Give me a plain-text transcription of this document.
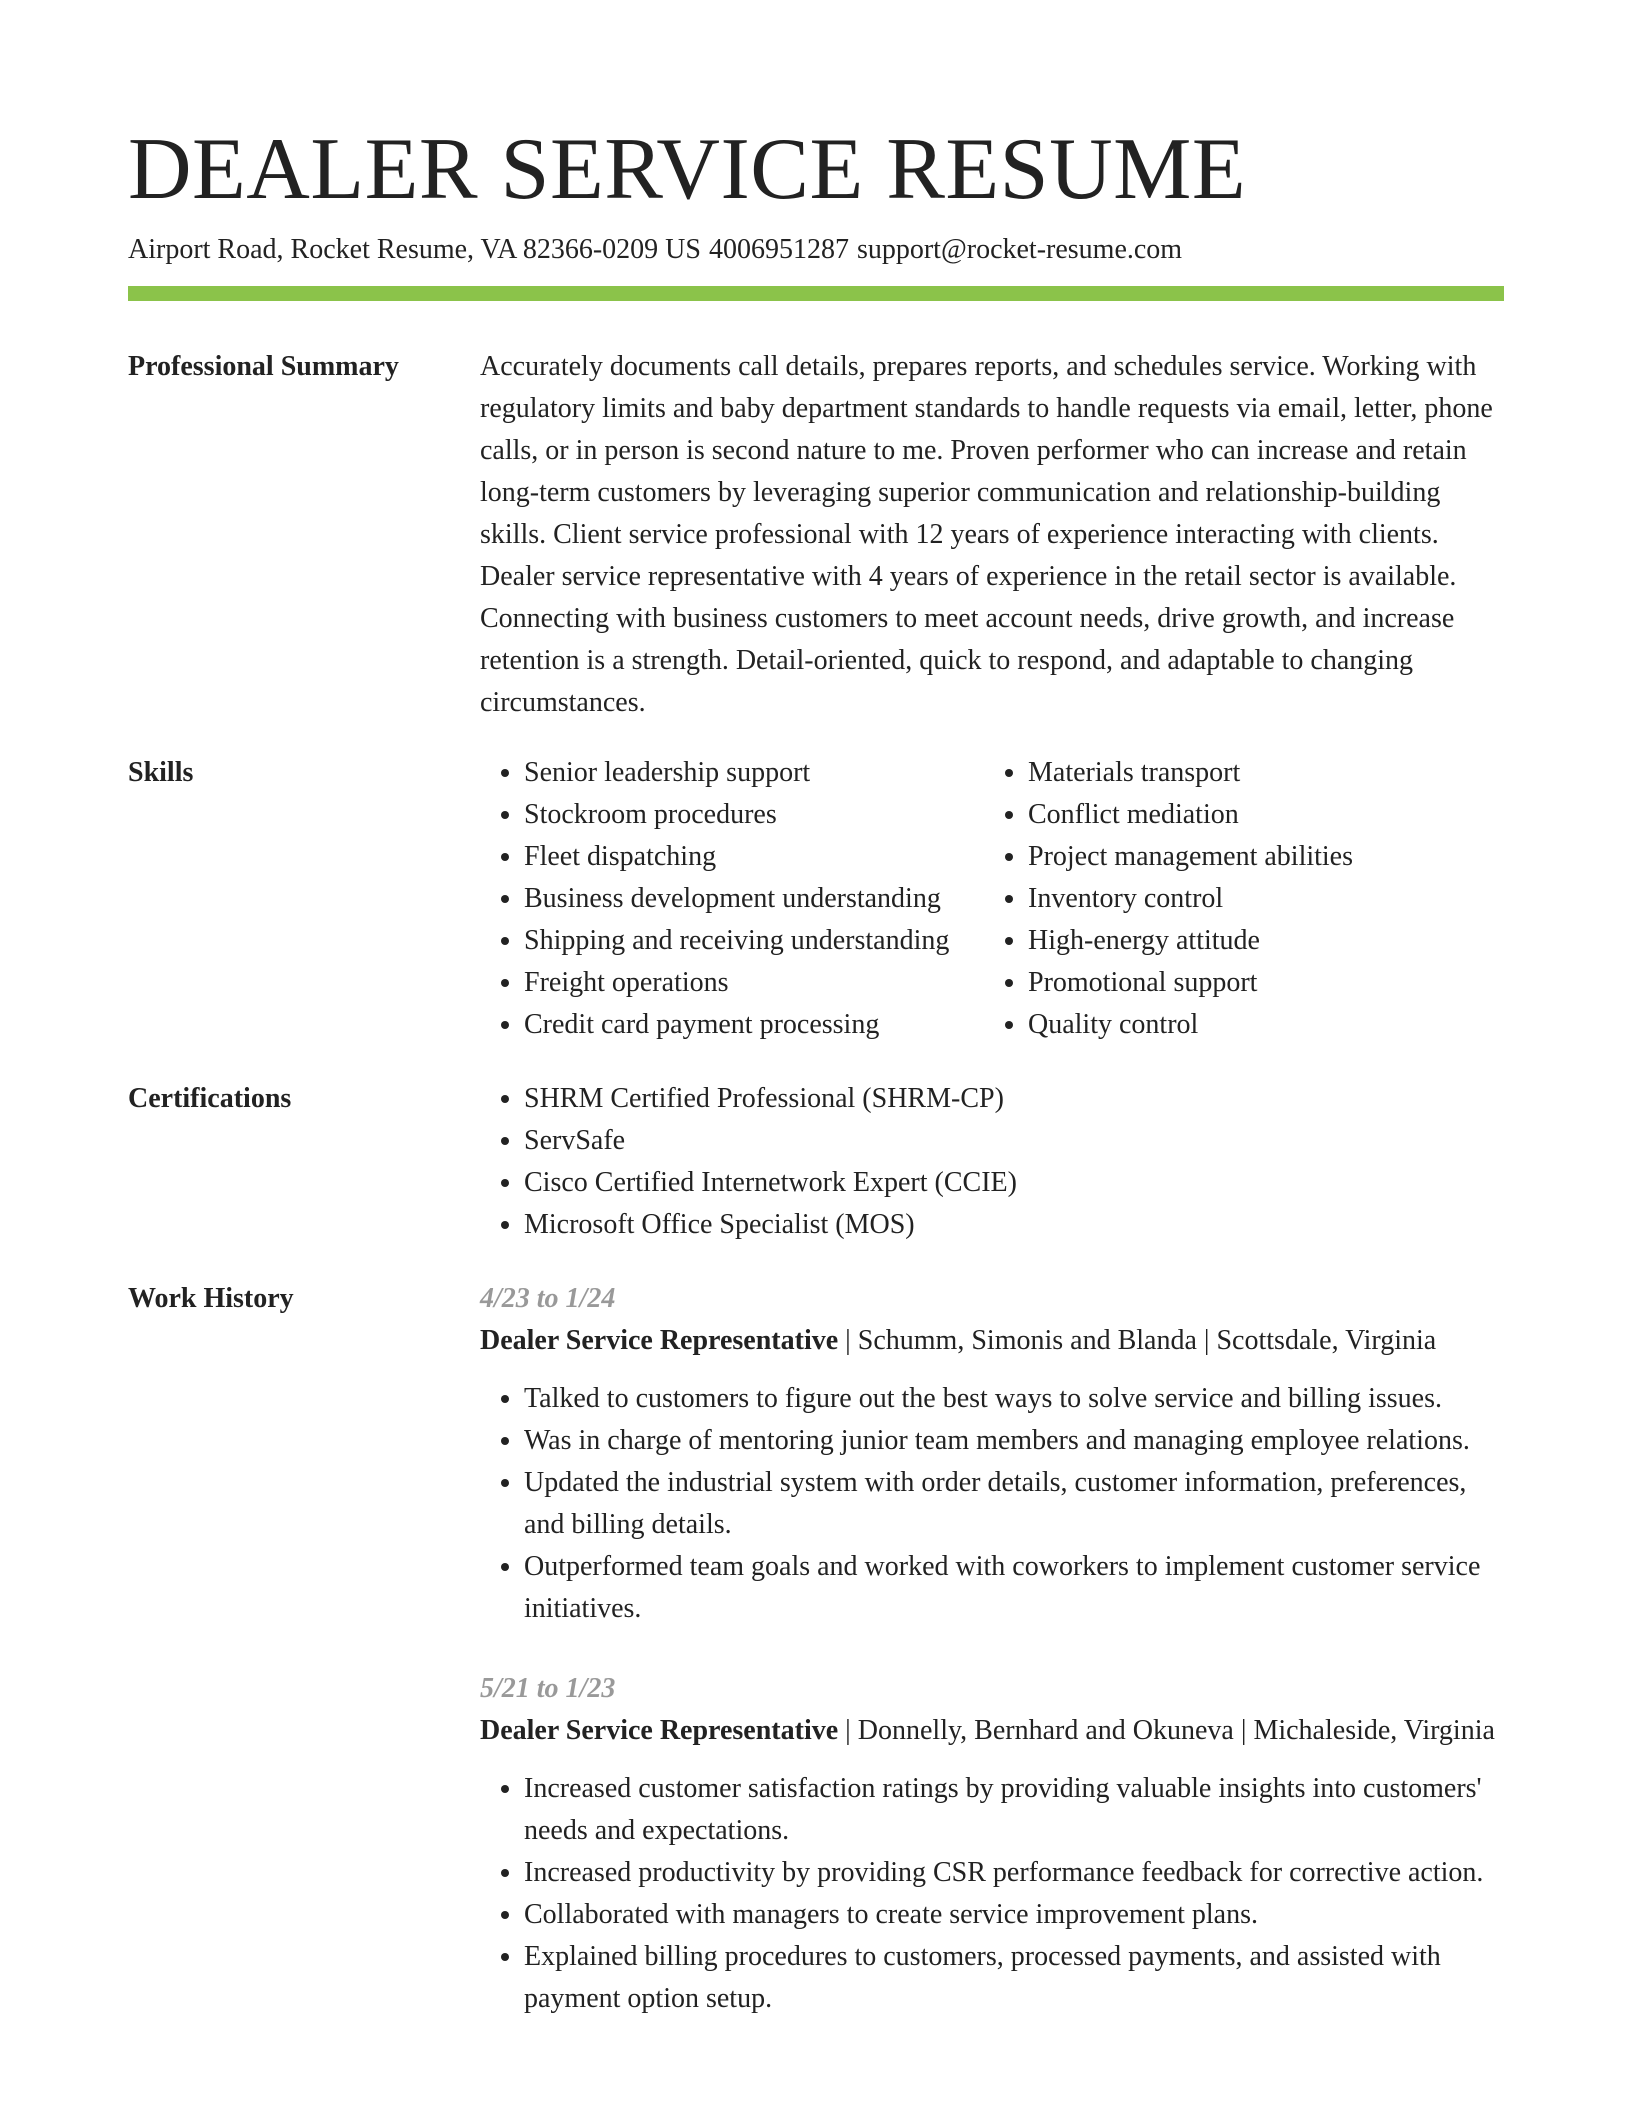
DEALER SERVICE RESUME
Airport Road, Rocket Resume, VA 82366-0209 US 4006951287 support@rocket-resume.com
Professional Summary	Accurately documents call details, prepares reports, and schedules service. Working with regulatory limits and baby department standards to handle requests via email, letter, phone calls, or in person is second nature to me. Proven performer who can increase and retain long-term customers by leveraging superior communication and relationship-building skills. Client service professional with 12 years of experience interacting with clients. Dealer service representative with 4 years of experience in the retail sector is available. Connecting with business customers to meet account needs, drive growth, and increase retention is a strength. Detail-oriented, quick to respond, and adaptable to changing circumstances.

Skills	• Senior leadership support
• Stockroom procedures
• Fleet dispatching
• Business development understanding
• Shipping and receiving understanding
• Freight operations
• Credit card payment processing
• Materials transport
• Conflict mediation
• Project management abilities
• Inventory control
• High-energy attitude
• Promotional support
• Quality control
Certifications	• SHRM Certified Professional (SHRM-CP)
• ServSafe
• Cisco Certified Internetwork Expert (CCIE)
• Microsoft Office Specialist (MOS)
Work History	4/23 to 1/24
Dealer Service Representative | Schumm, Simonis and Blanda | Scottsdale, Virginia
• Talked to customers to figure out the best ways to solve service and billing issues.
• Was in charge of mentoring junior team members and managing employee relations.
• Updated the industrial system with order details, customer information, preferences, and billing details.
• Outperformed team goals and worked with coworkers to implement customer service initiatives.
5/21 to 1/23
Dealer Service Representative | Donnelly, Bernhard and Okuneva | Michaleside, Virginia
• Increased customer satisfaction ratings by providing valuable insights into customers' needs and expectations.
• Increased productivity by providing CSR performance feedback for corrective action.
• Collaborated with managers to create service improvement plans.
• Explained billing procedures to customers, processed payments, and assisted with payment option setup.
